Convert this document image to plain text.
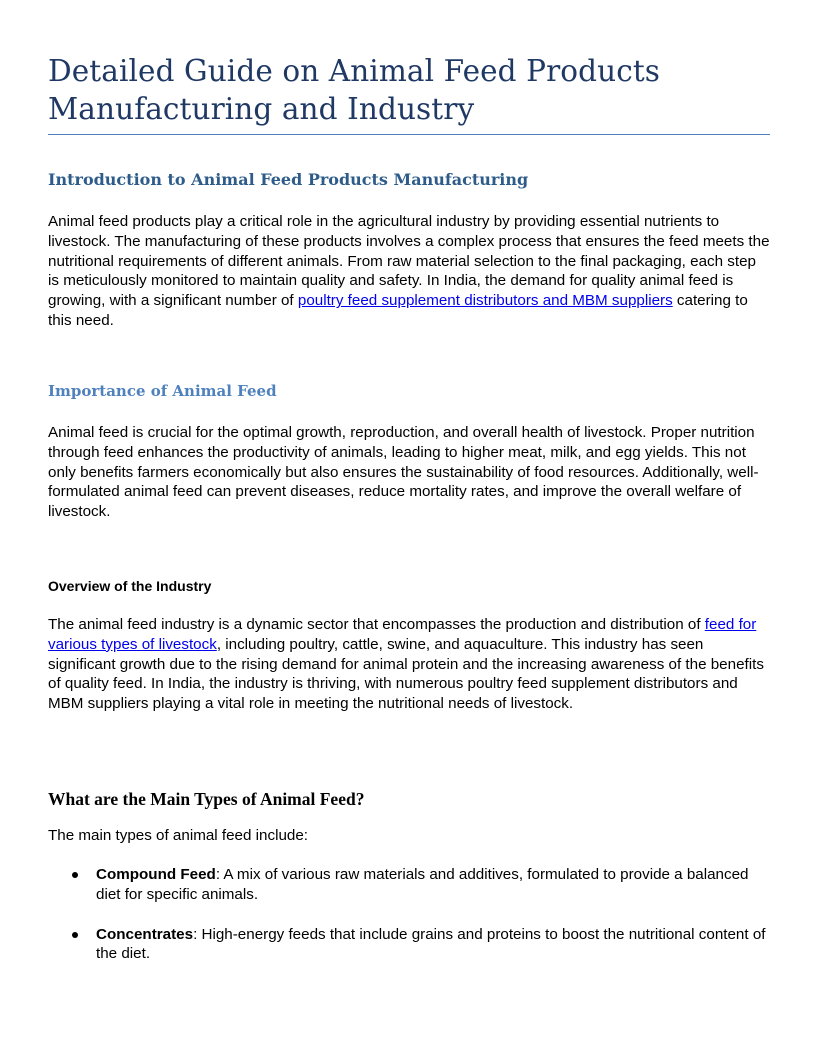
Detailed Guide on Animal Feed Products Manufacturing and Industry
Introduction to Animal Feed Products Manufacturing

Animal feed products play a critical role in the agricultural industry by providing essential nutrients to livestock. The manufacturing of these products involves a complex process that ensures the feed meets the nutritional requirements of different animals. From raw material selection to the final packaging, each step is meticulously monitored to maintain quality and safety. In India, the demand for quality animal feed is growing, with a significant number of poultry feed supplement distributors and MBM suppliers catering to this need.

Importance of Animal Feed

Animal feed is crucial for the optimal growth, reproduction, and overall health of livestock. Proper nutrition through feed enhances the productivity of animals, leading to higher meat, milk, and egg yields. This not only benefits farmers economically but also ensures the sustainability of food resources. Additionally, well-formulated animal feed can prevent diseases, reduce mortality rates, and improve the overall welfare of livestock.

Overview of the Industry

The animal feed industry is a dynamic sector that encompasses the production and distribution of feed for various types of livestock, including poultry, cattle, swine, and aquaculture. This industry has seen significant growth due to the rising demand for animal protein and the increasing awareness of the benefits of quality feed. In India, the industry is thriving, with numerous poultry feed supplement distributors and MBM suppliers playing a vital role in meeting the nutritional needs of livestock.

What are the Main Types of Animal Feed?

The main types of animal feed include:

Compound Feed: A mix of various raw materials and additives, formulated to provide a balanced diet for specific animals.
Concentrates: High-energy feeds that include grains and proteins to boost the nutritional content of the diet.
